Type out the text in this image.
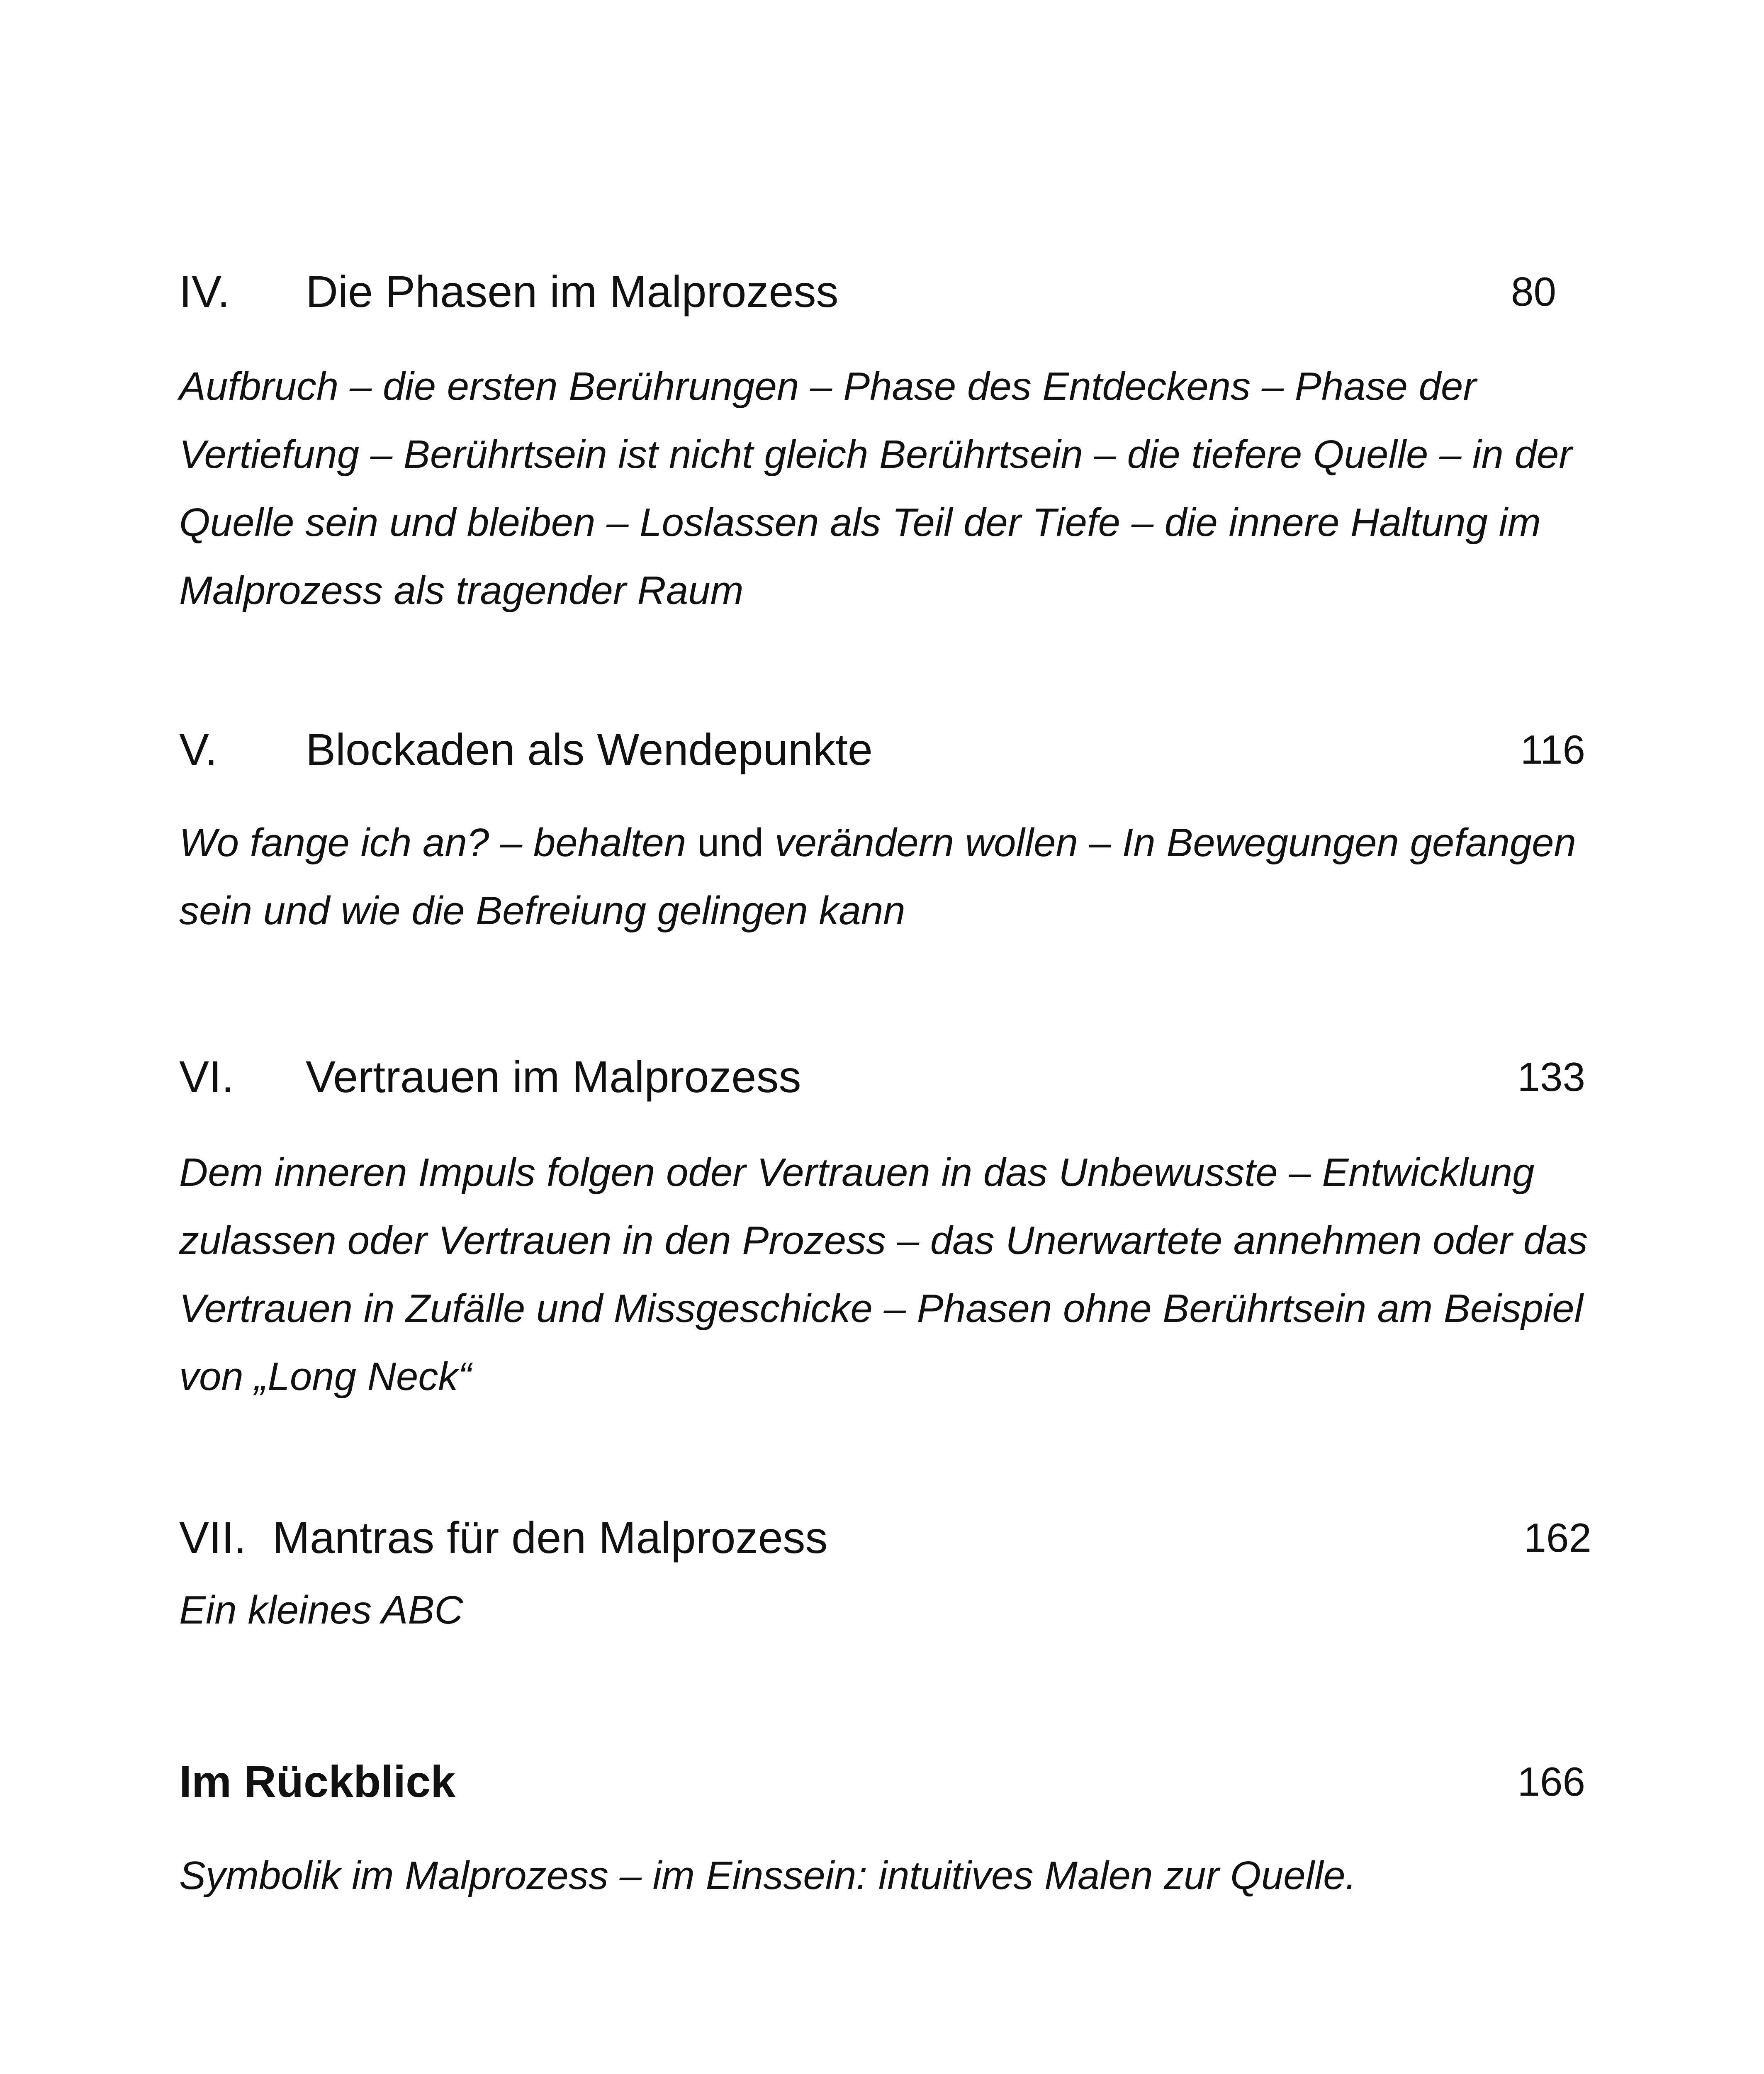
IV. Die Phasen im Malprozess	80
Aufbruch – die ersten Berührungen – Phase des Entdeckens – Phase der Vertiefung – Berührtsein ist nicht gleich Berührtsein – die tiefere Quelle – in der Quelle sein und bleiben – Loslassen als Teil der Tiefe – die innere Haltung im Malprozess als tragender Raum
V. Blockaden als Wendepunkte	116
Wo fange ich an? – behalten und verändern wollen – In Bewegungen gefangen sein und wie die Befreiung gelingen kann
VI. Vertrauen im Malprozess	133
Dem inneren Impuls folgen oder Vertrauen in das Unbewusste – Entwicklung zulassen oder Vertrauen in den Prozess – das Unerwartete annehmen oder das Vertrauen in Zufälle und Missgeschicke – Phasen ohne Berührtsein am Beispiel von „Long Neck“
VII. Mantras für den Malprozess	162
Ein kleines ABC
Im Rückblick	166
Symbolik im Malprozess – im Einssein: intuitives Malen zur Quelle.
